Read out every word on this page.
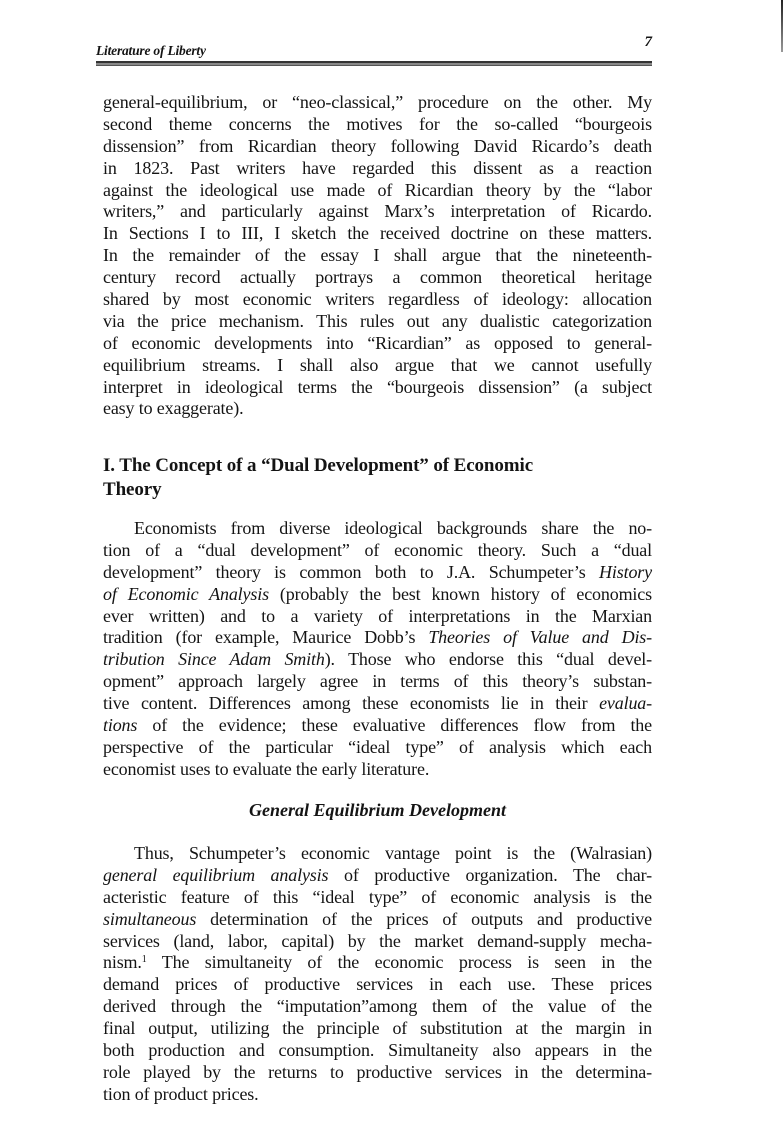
Literature of Liberty
7
general-equilibrium, or “neo-classical,” procedure on the other. My
second theme concerns the motives for the so-called “bourgeois
dissension” from Ricardian theory following David Ricardo’s death
in 1823. Past writers have regarded this dissent as a reaction
against the ideological use made of Ricardian theory by the “labor
writers,” and particularly against Marx’s interpretation of Ricardo.
In Sections I to III, I sketch the received doctrine on these matters.
In the remainder of the essay I shall argue that the nineteenth-
century record actually portrays a common theoretical heritage
shared by most economic writers regardless of ideology: allocation
via the price mechanism. This rules out any dualistic categorization
of economic developments into “Ricardian” as opposed to general-
equilibrium streams. I shall also argue that we cannot usefully
interpret in ideological terms the “bourgeois dissension” (a subject
easy to exaggerate).
I. The Concept of a “Dual Development” of Economic
Theory
Economists from diverse ideological backgrounds share the no-
tion of a “dual development” of economic theory. Such a “dual
development” theory is common both to J.A. Schumpeter’s History
of Economic Analysis (probably the best known history of economics
ever written) and to a variety of interpretations in the Marxian
tradition (for example, Maurice Dobb’s Theories of Value and Dis-
tribution Since Adam Smith). Those who endorse this “dual devel-
opment” approach largely agree in terms of this theory’s substan-
tive content. Differences among these economists lie in their evalua-
tions of the evidence; these evaluative differences flow from the
perspective of the particular “ideal type” of analysis which each
economist uses to evaluate the early literature.
General Equilibrium Development
Thus, Schumpeter’s economic vantage point is the (Walrasian)
general equilibrium analysis of productive organization. The char-
acteristic feature of this “ideal type” of economic analysis is the
simultaneous determination of the prices of outputs and productive
services (land, labor, capital) by the market demand-supply mecha-
nism.$^1$ The simultaneity of the economic process is seen in the
demand prices of productive services in each use. These prices
derived through the “imputation”among them of the value of the
final output, utilizing the principle of substitution at the margin in
both production and consumption. Simultaneity also appears in the
role played by the returns to productive services in the determina-
tion of product prices.
